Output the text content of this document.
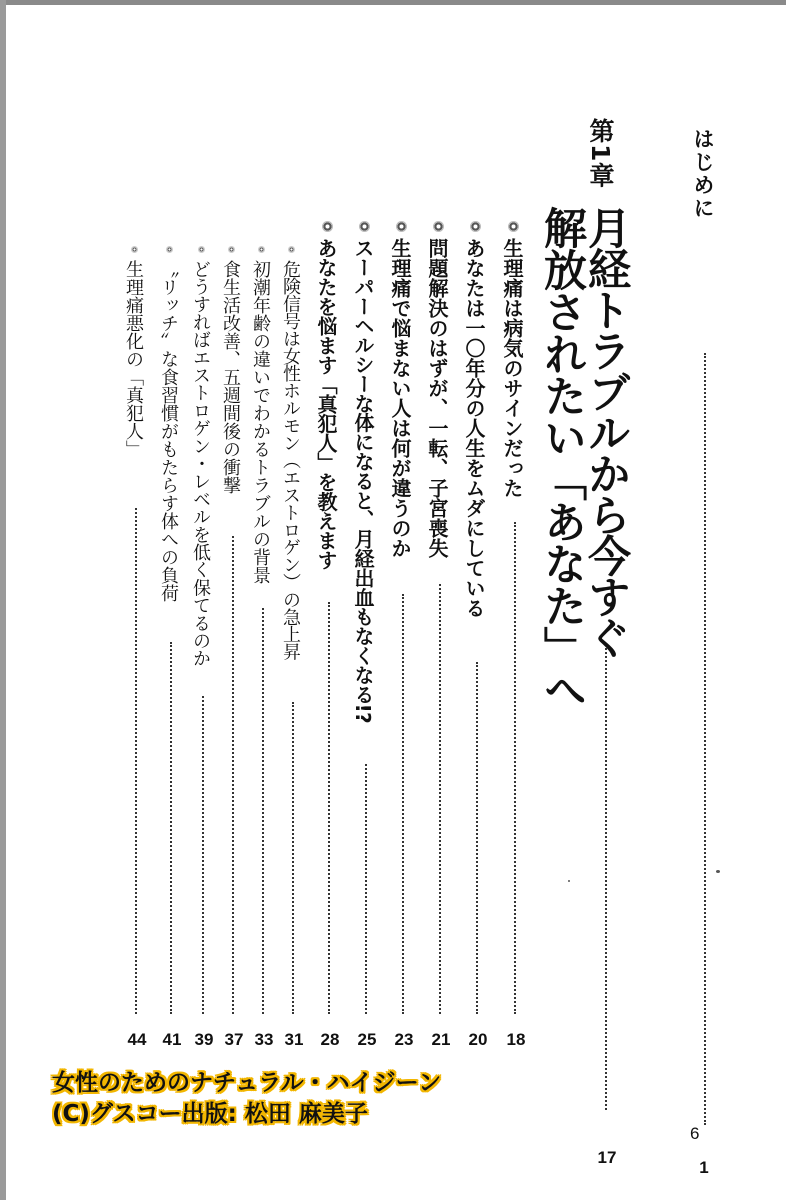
はじめに
1
第1章
月経トラブルから今すぐ
解放されたい「あなた」へ
17
生理痛は病気のサインだった
18
あなたは一〇年分の人生をムダにしている
20
問題解決のはずが、一転、子宮喪失
21
生理痛で悩まない人は何が違うのか
23
スーパーヘルシーな体になると、月経出血もなくなる!?
25
あなたを悩ます「真犯人」を教えます
28
危険信号は女性ホルモン（エストロゲン）の急上昇
31
初潮年齢の違いでわかるトラブルの背景
33
食生活改善、五週間後の衝撃
37
どうすればエストロゲン・レベルを低く保てるのか
39
〝リッチ〟な食習慣がもたらす体への負荷
41
生理痛悪化の「真犯人」
44
女性のためのナチュラル・ハイジーン
(C)グスコー出版: 松田 麻美子
6
